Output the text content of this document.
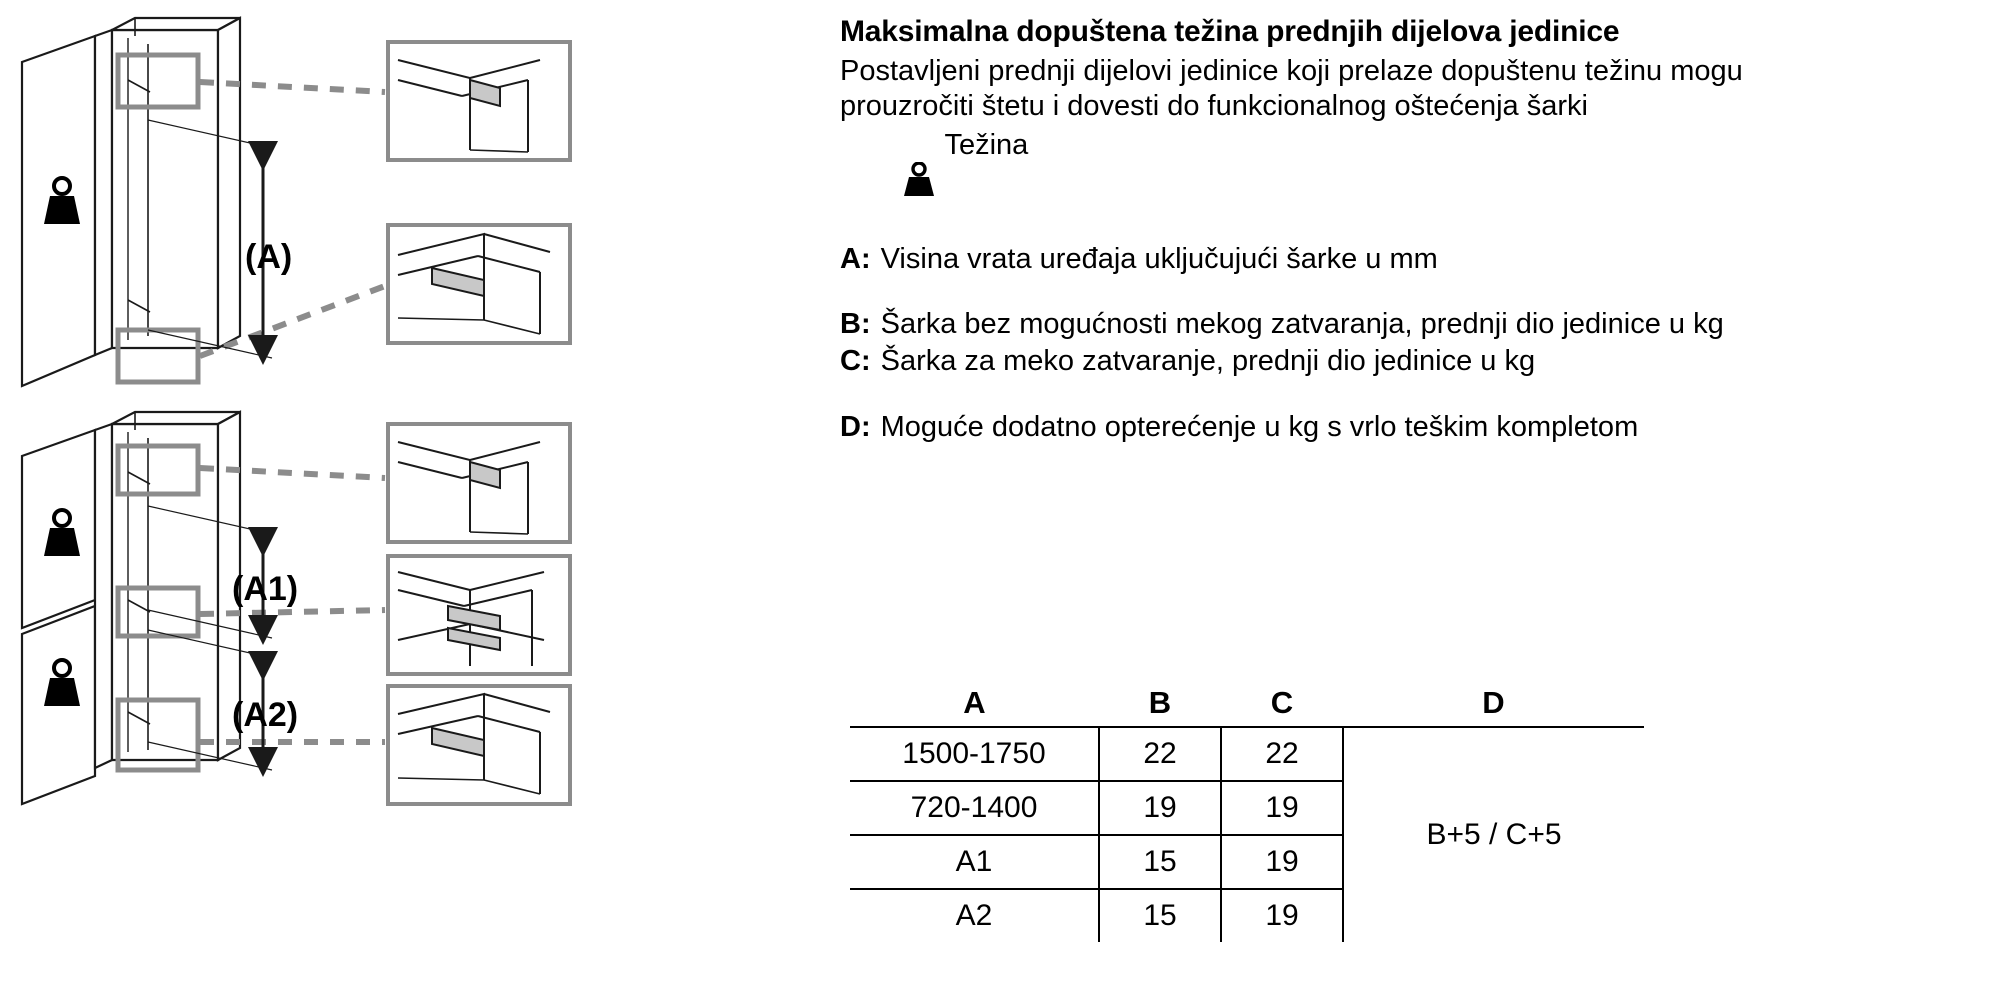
(A)
(A1)
(A2)
Maksimalna dopuštena težina prednjih dijelova jedinice

Postavljeni prednji dijelovi jedinice koji prelaze dopuštenu težinu mogu prouzročiti štetu i dovesti do funkcionalnog oštećenja šarki

Težina
A: Visina vrata uređaja uključujući šarke u mm
B: Šarka bez mogućnosti mekog zatvaranja, prednji dio jedinice u kg
C: Šarka za meko zatvaranje, prednji dio jedinice u kg
D: Moguće dodatno opterećenje u kg s vrlo teškim kompletom
A	B	C	D
1500-1750	22	22	B+5 / C+5
720-1400	19	19	
A1	15	19	
A2	15	19	
